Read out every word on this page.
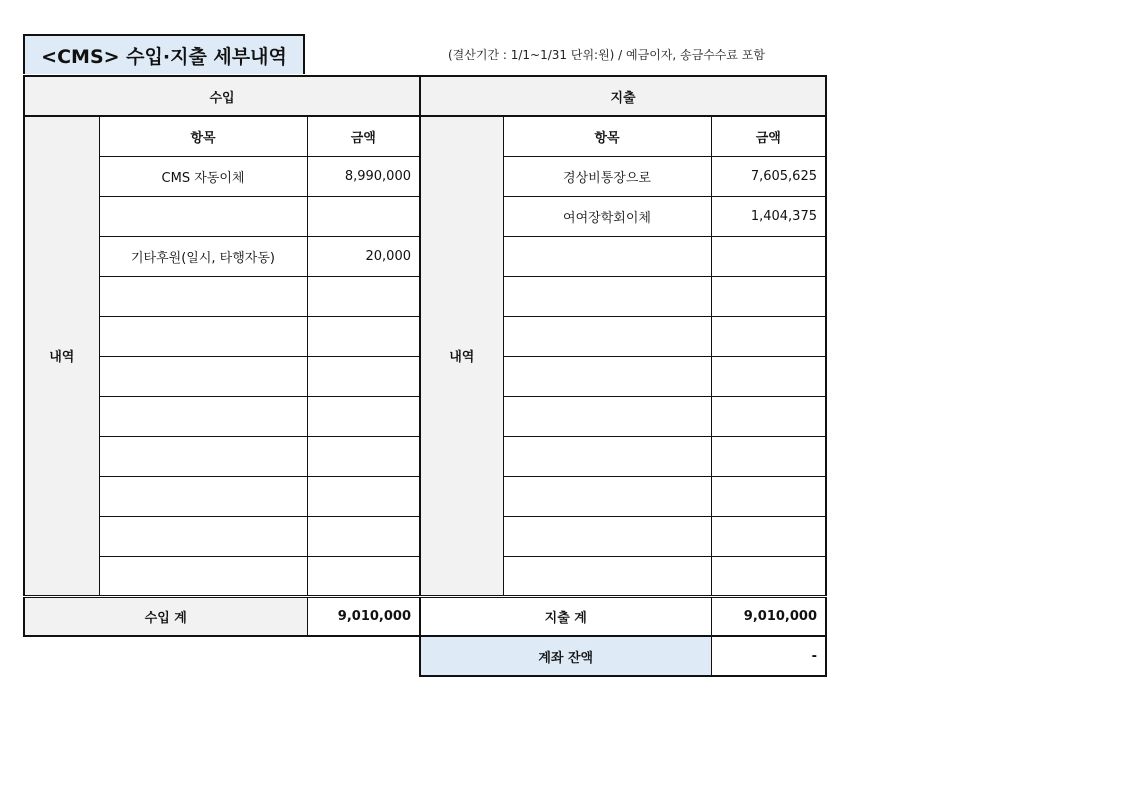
<CMS> 수입·지출 세부내역	(결산기간 : 1/1~1/31 단위:원) / 예금이자, 송금수수료 포함
수입			지출		
내역	항목	금액	내역	항목	금액
	CMS 자동이체	8,990,000		경상비통장으로	7,605,625
				여여장학회이체	1,404,375
	기타후원(일시, 타행자동)	20,000			

수입 계		9,010,000	지출 계		9,010,000
			계좌 잔액		-
